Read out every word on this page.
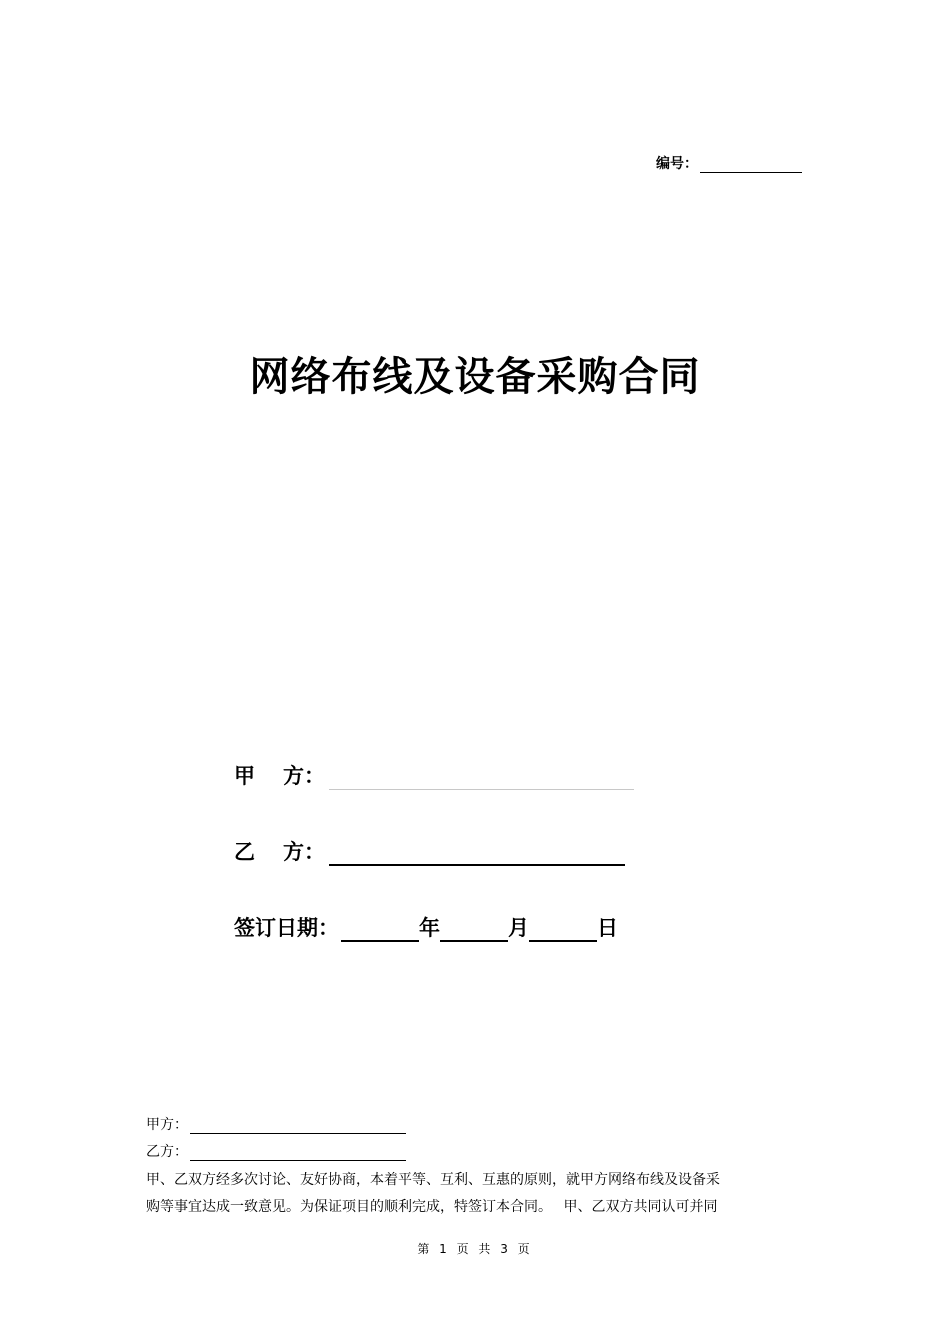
编号：
网络布线及设备采购合同
甲 方：
乙 方：
签订日期：	年	月	日
甲方：
乙方：

甲、乙双方经多次讨论、友好协商，本着平等、互利、互惠的原则，就甲方网络布线及设备采

购等事宜达成一致意见。为保证项目的顺利完成，特签订本合同。　 甲、乙双方共同认可并同

第 1 页 共 3 页
